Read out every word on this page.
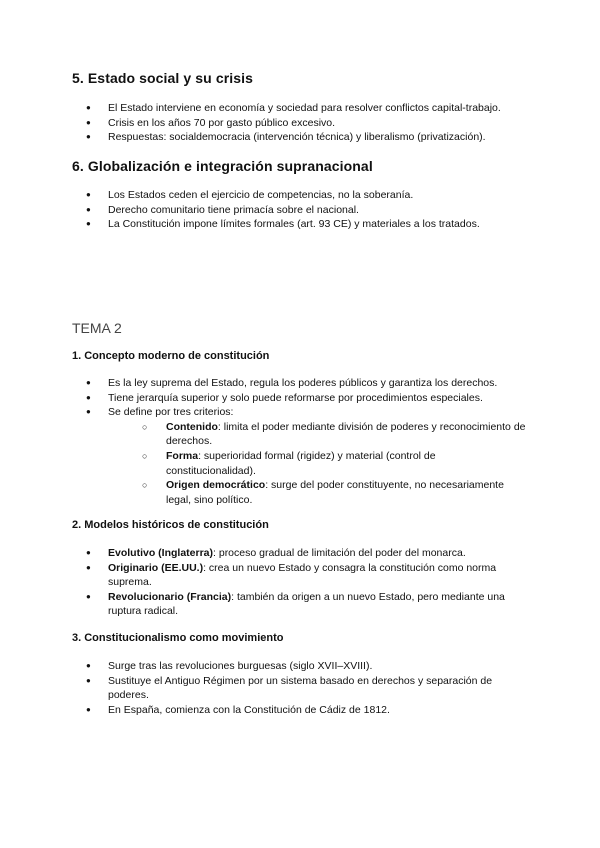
5. Estado social y su crisis
● El Estado interviene en economía y sociedad para resolver conflictos capital-trabajo.
● Crisis en los años 70 por gasto público excesivo.
● Respuestas: socialdemocracia (intervención técnica) y liberalismo (privatización).
6. Globalización e integración supranacional
● Los Estados ceden el ejercicio de competencias, no la soberanía.
● Derecho comunitario tiene primacía sobre el nacional.
● La Constitución impone límites formales (art. 93 CE) y materiales a los tratados.
TEMA 2
1. Concepto moderno de constitución
● Es la ley suprema del Estado, regula los poderes públicos y garantiza los derechos.
● Tiene jerarquía superior y solo puede reformarse por procedimientos especiales.
● Se define por tres criterios:
○ Contenido: limita el poder mediante división de poderes y reconocimiento de derechos.
○ Forma: superioridad formal (rigidez) y material (control de constitucionalidad).
○ Origen democrático: surge del poder constituyente, no necesariamente legal, sino político.
2. Modelos históricos de constitución
● Evolutivo (Inglaterra): proceso gradual de limitación del poder del monarca.
● Originario (EE.UU.): crea un nuevo Estado y consagra la constitución como norma suprema.
● Revolucionario (Francia): también da origen a un nuevo Estado, pero mediante una ruptura radical.
3. Constitucionalismo como movimiento
● Surge tras las revoluciones burguesas (siglo XVII–XVIII).
● Sustituye el Antiguo Régimen por un sistema basado en derechos y separación de poderes.
● En España, comienza con la Constitución de Cádiz de 1812.
